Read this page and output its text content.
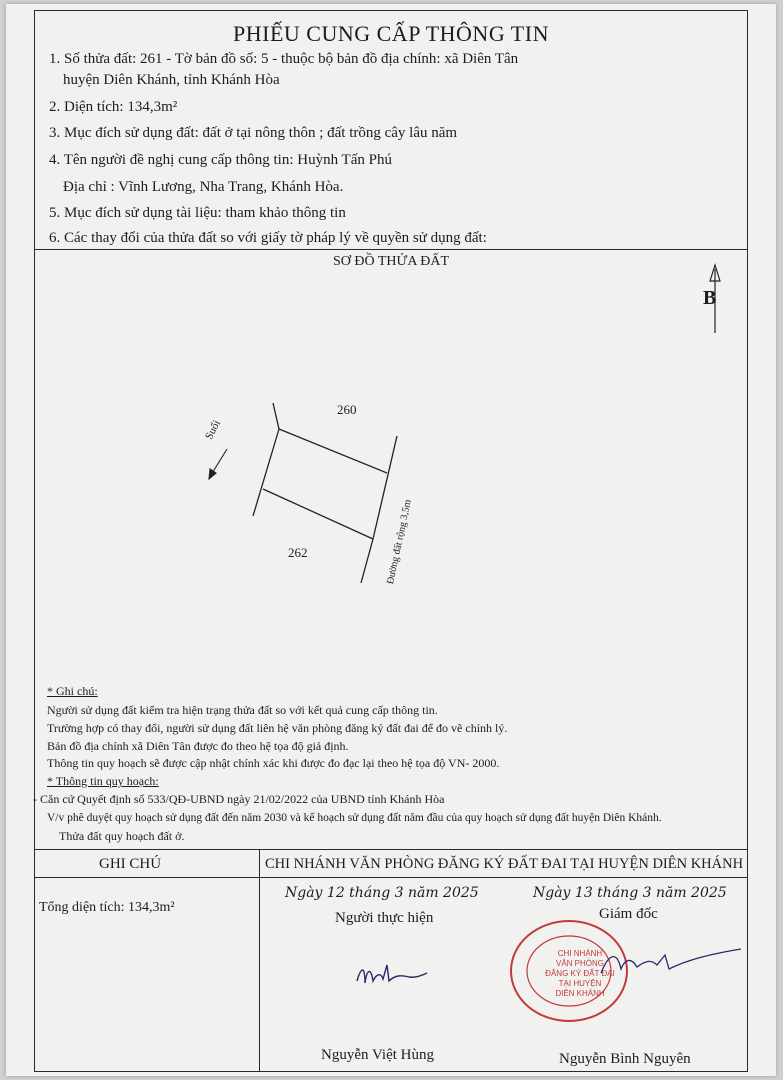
PHIẾU CUNG CẤP THÔNG TIN
1. Số thửa đất: 261 - Tờ bản đồ số: 5 - thuộc bộ bản đồ địa chính: xã Diên Tân
huyện Diên Khánh, tỉnh Khánh Hòa
2. Diện tích: 134,3m²
3. Mục đích sử dụng đất: đất ở tại nông thôn ; đất trồng cây lâu năm
4. Tên người đề nghị cung cấp thông tin: Huỳnh Tấn Phú
Địa chỉ : Vĩnh Lương, Nha Trang, Khánh Hòa.
5. Mục đích sử dụng tài liệu: tham khảo thông tin
6. Các thay đổi của thửa đất so với giấy tờ pháp lý về quyền sử dụng đất:
SƠ ĐỒ THỬA ĐẤT
260
262
Suối
Đường đất rộng 3,5m
B
* Ghi chú:
Người sử dụng đất kiểm tra hiện trạng thửa đất so với kết quả cung cấp thông tin.
Trường hợp có thay đổi, người sử dụng đất liên hệ văn phòng đăng ký đất đai để đo vẽ chỉnh lý.
Bản đồ địa chính xã Diên Tân được đo theo hệ tọa độ giả định.
Thông tin quy hoạch sẽ được cập nhật chính xác khi được đo đạc lại theo hệ tọa độ VN- 2000.
* Thông tin quy hoạch:
- Căn cứ Quyết định số 533/QĐ-UBND ngày 21/02/2022 của UBND tỉnh Khánh Hòa
V/v phê duyệt quy hoạch sử dụng đất đến năm 2030 và kế hoạch sử dụng đất năm đầu của quy hoạch sử dụng đất huyện Diên Khánh.
Thửa đất quy hoạch đất ở.
GHI CHÚ	CHI NHÁNH VĂN PHÒNG ĐĂNG KÝ ĐẤT ĐAI TẠI HUYỆN DIÊN KHÁNH
Tổng diện tích: 134,3m²
Ngày 12 tháng 3 năm 2025
Người thực hiện
Ngày 13 tháng 3 năm 2025
Giám đốc
CHI NHÁNH
VĂN PHÒNG
ĐĂNG KÝ ĐẤT ĐAI
TẠI HUYỆN
DIÊN KHÁNH
Nguyễn Việt Hùng	Nguyễn Bình Nguyên
